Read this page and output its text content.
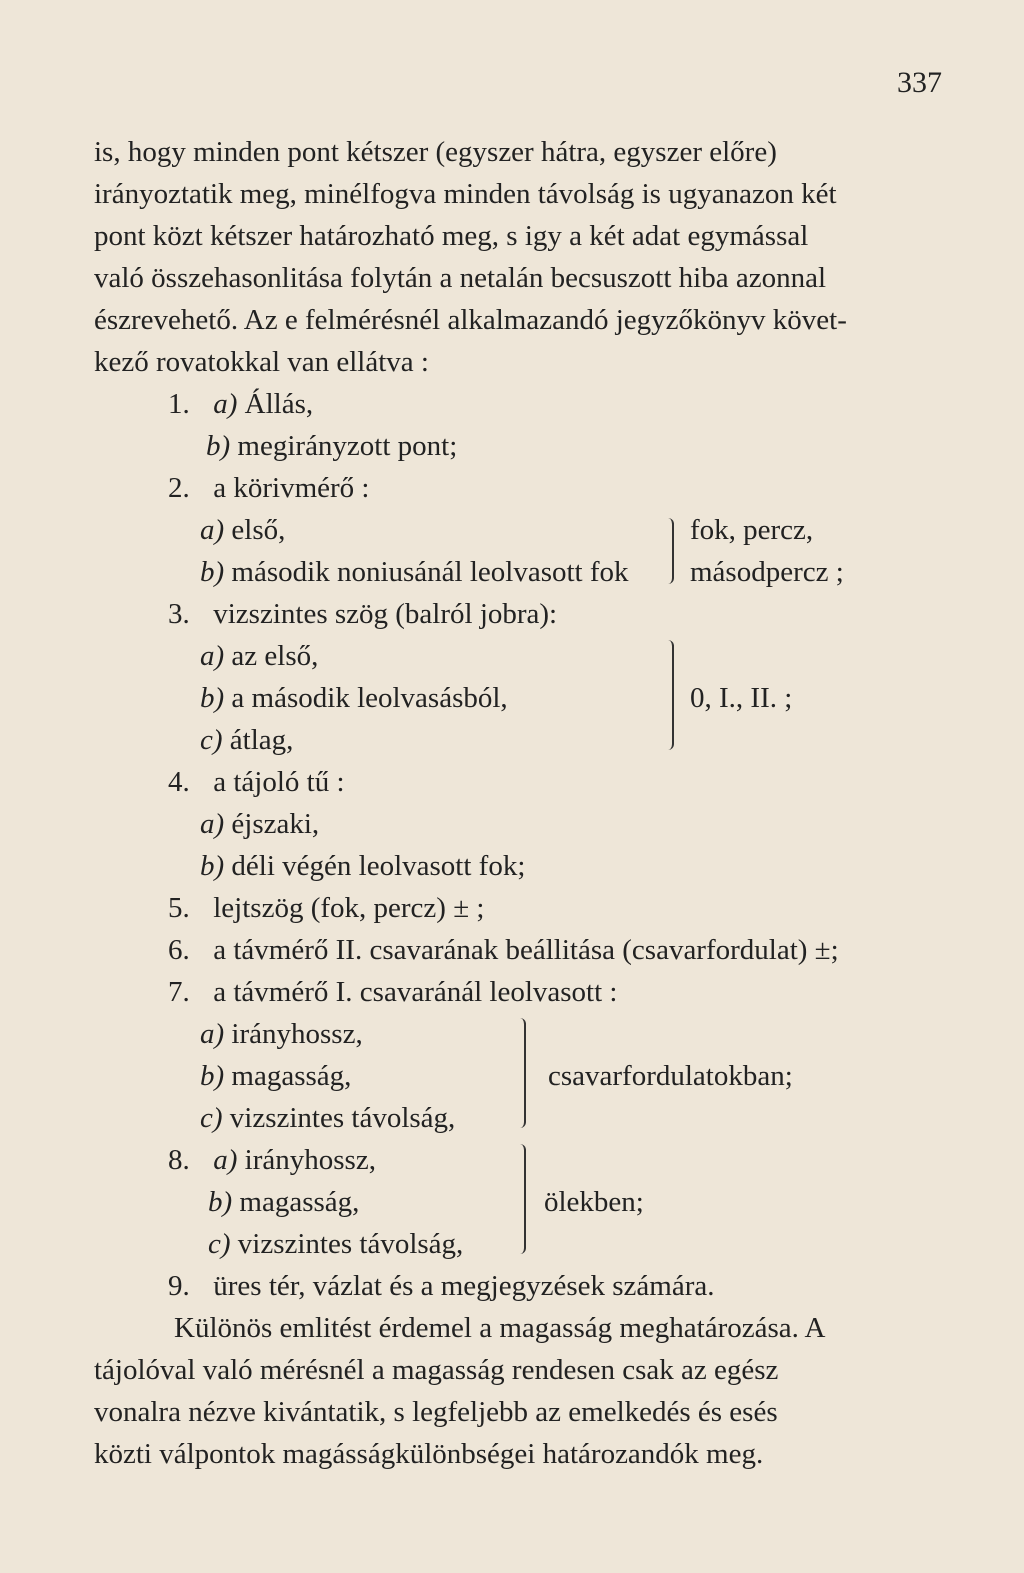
337
is, hogy minden pont kétszer (egyszer hátra, egyszer előre)
irányoztatik meg, minélfogva minden távolság is ugyanazon két
pont közt kétszer határozható meg, s igy a két adat egymással
való összehasonlitása folytán a netalán becsuszott hiba azonnal
észrevehető. Az e felmérésnél alkalmazandó jegyzőkönyv követ-
kező rovatokkal van ellátva :
1. a) Állás,
b) megirányzott pont;
2. a körivmérő :
a) első,
b) második noniusánál leolvasott fok
fok, percz,
másodpercz ;
3. vizszintes szög (balról jobra):
a) az első,
b) a második leolvasásból,
c) átlag,
0, I., II. ;
4. a tájoló tű :
a) éjszaki,
b) déli végén leolvasott fok;
5. lejtszög (fok, percz) ± ;
6. a távmérő II. csavarának beállitása (csavarfordulat) ±;
7. a távmérő I. csavaránál leolvasott :
a) irányhossz,
b) magasság,
c) vizszintes távolság,
csavarfordulatokban;
8. a) irányhossz,
b) magasság,
c) vizszintes távolság,
ölekben;
9. üres tér, vázlat és a megjegyzések számára.
Különös emlitést érdemel a magasság meghatározása. A
tájolóval való mérésnél a magasság rendesen csak az egész
vonalra nézve kivántatik, s legfeljebb az emelkedés és esés
közti válpontok magásságkülönbségei határozandók meg.
